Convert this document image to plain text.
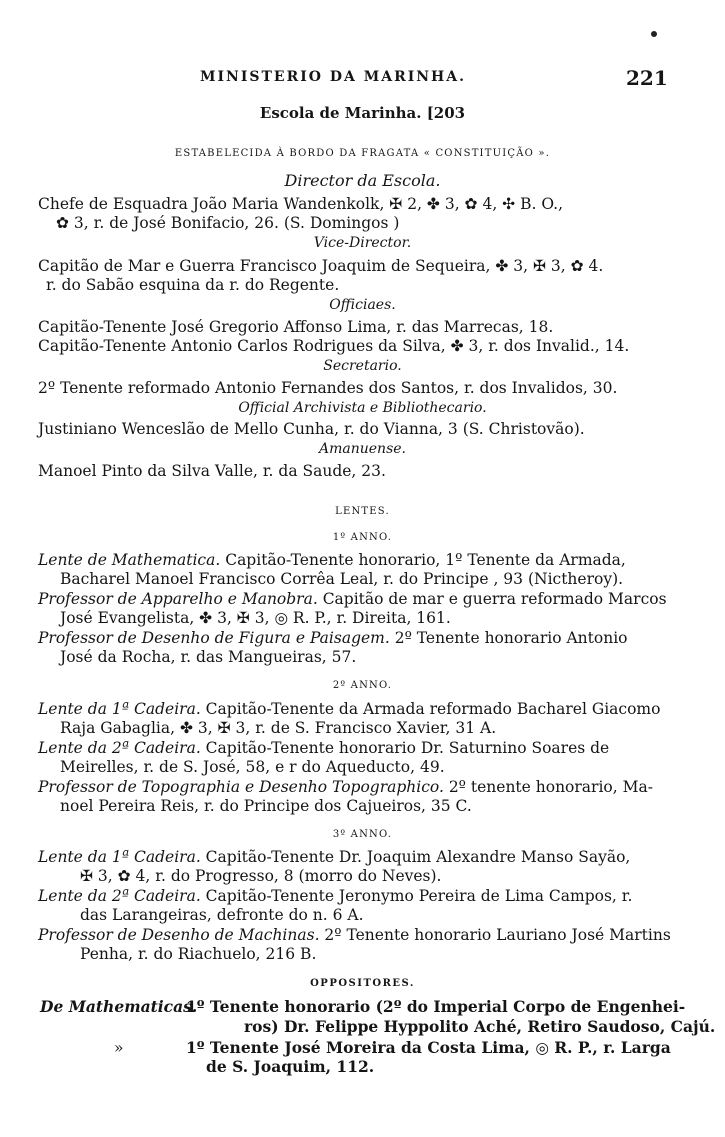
MINISTERIO DA MARINHA.	221
Escola de Marinha. [203
ESTABELECIDA À BORDO DA FRAGATA « CONSTITUIÇÃO ».
Director da Escola.
Chefe de Esquadra João Maria Wandenkolk, ✠ 2, ✤ 3, ✿ 4, ✣ B. O.,
✿ 3, r. de José Bonifacio, 26. (S. Domingos )
Vice-Director.
Capitão de Mar e Guerra Francisco Joaquim de Sequeira, ✤ 3, ✠ 3, ✿ 4.
r. do Sabão esquina da r. do Regente.
Officiaes.
Capitão-Tenente José Gregorio Affonso Lima, r. das Marrecas, 18.
Capitão-Tenente Antonio Carlos Rodrigues da Silva, ✤ 3, r. dos Invalid., 14.
Secretario.
2º Tenente reformado Antonio Fernandes dos Santos, r. dos Invalidos, 30.
Official Archivista e Bibliothecario.
Justiniano Wenceslão de Mello Cunha, r. do Vianna, 3 (S. Christovão).
Amanuense.
Manoel Pinto da Silva Valle, r. da Saude, 23.
LENTES.
1º ANNO.
Lente de Mathematica. Capitão-Tenente honorario, 1º Tenente da Armada,
Bacharel Manoel Francisco Corrêa Leal, r. do Principe , 93 (Nictheroy).
Professor de Apparelho e Manobra. Capitão de mar e guerra reformado Marcos
José Evangelista, ✤ 3, ✠ 3, ◎ R. P., r. Direita, 161.
Professor de Desenho de Figura e Paisagem. 2º Tenente honorario Antonio
José da Rocha, r. das Mangueiras, 57.
2º ANNO.
Lente da 1ª Cadeira. Capitão-Tenente da Armada reformado Bacharel Giacomo
Raja Gabaglia, ✤ 3, ✠ 3, r. de S. Francisco Xavier, 31 A.
Lente da 2ª Cadeira. Capitão-Tenente honorario Dr. Saturnino Soares de
Meirelles, r. de S. José, 58, e r do Aqueducto, 49.
Professor de Topographia e Desenho Topographico. 2º tenente honorario, Ma-
noel Pereira Reis, r. do Principe dos Cajueiros, 35 C.
3º ANNO.
Lente da 1ª Cadeira. Capitão-Tenente Dr. Joaquim Alexandre Manso Sayão,
✠ 3, ✿ 4, r. do Progresso, 8 (morro do Neves).
Lente da 2ª Cadeira. Capitão-Tenente Jeronymo Pereira de Lima Campos, r.
das Larangeiras, defronte do n. 6 A.
Professor de Desenho de Machinas. 2º Tenente honorario Lauriano José Martins
Penha, r. do Riachuelo, 216 B.
OPPOSITORES.
De Mathematicas.
1º Tenente honorario (2º do Imperial Corpo de Engenhei-
ros) Dr. Felippe Hyppolito Aché, Retiro Saudoso, Cajú.
»	1º Tenente José Moreira da Costa Lima, ◎ R. P., r. Larga
de S. Joaquim, 112.
